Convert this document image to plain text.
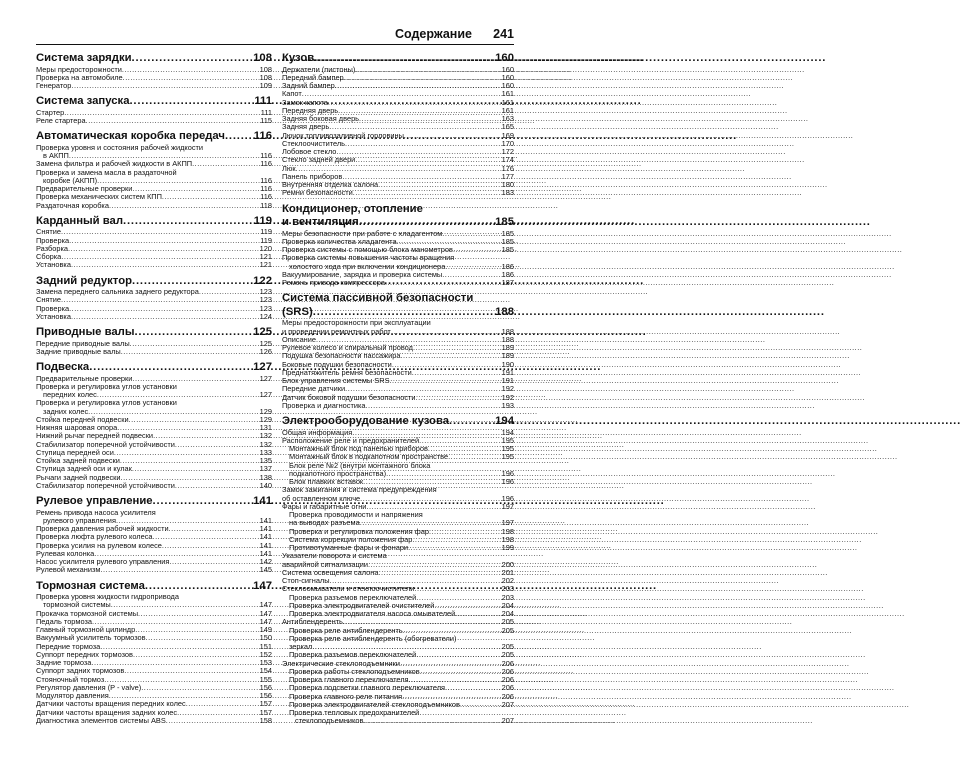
Содержание 241
Система зарядки .....	108
Меры предосторожности .....	108
Проверка на автомобиле .....	108
Генератор .....	109
Система запуска .....	111
Стартер .....	111
Реле стартера .....	115
Автоматическая коробка передач .....	116
Проверка уровня и состояния рабочей жидкости
в АКПП .....	116
Замена фильтра и рабочей жидкости в АКПП .....	116
Проверка и замена масла в раздаточной
коробке (АКПП) .....	116
Предварительные проверки .....	116
Проверка механических систем КПП .....	116
Раздаточная коробка .....	118
Карданный вал .....	119
Снятие .....	119
Проверка .....	119
Разборка .....	120
Сборка .....	121
Установка .....	121
Задний редуктор .....	122
Замена переднего сальника заднего редуктора .....	123
Снятие .....	123
Проверка .....	123
Установка .....	124
Приводные валы .....	125
Передние приводные валы .....	125
Задние приводные валы .....	126
Подвеска .....	127
Предварительные проверки .....	127
Проверка и регулировка углов установки
передних колес .....	127
Проверка и регулировка углов установки
задних колес .....	129
Стойка передней подвески .....	129
Нижняя шаровая опора .....	131
Нижний рычаг передней подвески .....	132
Стабилизатор поперечной устойчивости .....	132
Ступица передней оси .....	133
Стойка задней подвески .....	135
Ступица задней оси и кулак .....	137
Рычаги задней подвески .....	138
Стабилизатор поперечной устойчивости .....	140
Рулевое управление .....	141
Ремень привода насоса усилителя
рулевого управления .....	141
Проверка давления рабочей жидкости .....	141
Проверка люфта рулевого колеса .....	141
Проверка усилия на рулевом колесе .....	141
Рулевая колонка .....	141
Насос усилителя рулевого управления .....	142
Рулевой механизм .....	145
Тормозная система .....	147
Проверка уровня жидкости гидропривода
тормозной системы .....	147
Прокачка тормозной системы .....	147
Педаль тормоза .....	147
Главный тормозной цилиндр .....	149
Вакуумный усилитель тормозов .....	150
Передние тормоза .....	151
Суппорт передних тормозов .....	152
Задние тормоза .....	153
Суппорт задних тормозов .....	154
Стояночный тормоз .....	155
Регулятор давления (P - valve) .....	156
Модулятор давления .....	156
Датчики частоты вращения передних колес .....	157
Датчики частоты вращения задних колес .....	157
Диагностика элементов системы ABS .....	158
Кузов .....	160
Держатели (пистоны) .....	160
Передний бампер .....	160
Задний бампер .....	160
Капот .....	161
Замок капота .....	161
Передняя дверь .....	161
Задняя боковая дверь .....	163
Задняя дверь .....	165
Лючок топливозаливной горловины .....	169
Стеклоочиститель .....	170
Лобовое стекло .....	172
Стекло задней двери .....	174
Люк .....	176
Панель приборов .....	177
Внутренняя отделка салона .....	180
Ремни безопасности .....	183
Кондиционер, отопление
и вентиляция .....	185
Меры безопасности при работе с хладагентом .....	185
Проверка количества хладагента .....	185
Проверка системы с помощью блока манометров .....	185
Проверка системы повышения частоты вращения
холостого хода при включении кондиционера .....	186
Вакуумирование, зарядка и проверка системы .....	186
Ремень привода компрессора .....	187
Система пассивной безопасности
(SRS) .....	188
Меры предосторожности при эксплуатации
и проведении ремонтных работ .....	188
Описание .....	188
Рулевое колесо и спиральный провод .....	189
Подушка безопасности пассажира .....	189
Боковые подушки безопасности .....	190
Преднатяжитель ремня безопасности .....	191
Блок управления системы SRS .....	191
Передние датчики .....	192
Датчик боковой подушки безопасности .....	192
Проверка и диагностика .....	193
Электрооборудование кузова .....	194
Общая информация .....	194
Расположение реле и предохранителей .....	195
Монтажный блок под панелью приборов .....	195
Монтажный блок в подкапотном пространстве .....	195
Блок реле №2 (внутри монтажного блока
подкапотного пространства) .....	196
Блок плавких вставок .....	196
Замок зажигания и система предупреждения
об оставленном ключе .....	196
Фары и габаритные огни .....	197
Проверка проводимости и напряжения
на выводах разъема .....	197
Проверка и регулировка положения фар .....	198
Система коррекции положения фар .....	198
Противотуманные фары и фонари .....	199
Указатели поворота и система
аварийной сигнализации .....	200
Система освещения салона .....	201
Стоп-сигналы .....	202
Стеклоомыватели и стеклоочистители .....	203
Проверка разъемов переключателей .....	203
Проверка электродвигателей очистителей .....	204
Проверка электродвигателя насоса омывателей .....	204
Антиблендеренть .....	205
Проверка реле антиблендеренть .....	205
Проверка реле антиблендеренть (обогреватели)
зеркал .....	205
Проверка разъемов переключателей .....	205
Электрические стеклоподъемники .....	206
Проверка работы стеклоподъемников .....	206
Проверка главного переключателя .....	206
Проверка подсветки главного переключателя .....	206
Проверка главного реле питания .....	206
Проверка электродвигателей стеклоподъемников .....	207
Проверка тепловых предохранителей
стеклоподъемников .....	207
